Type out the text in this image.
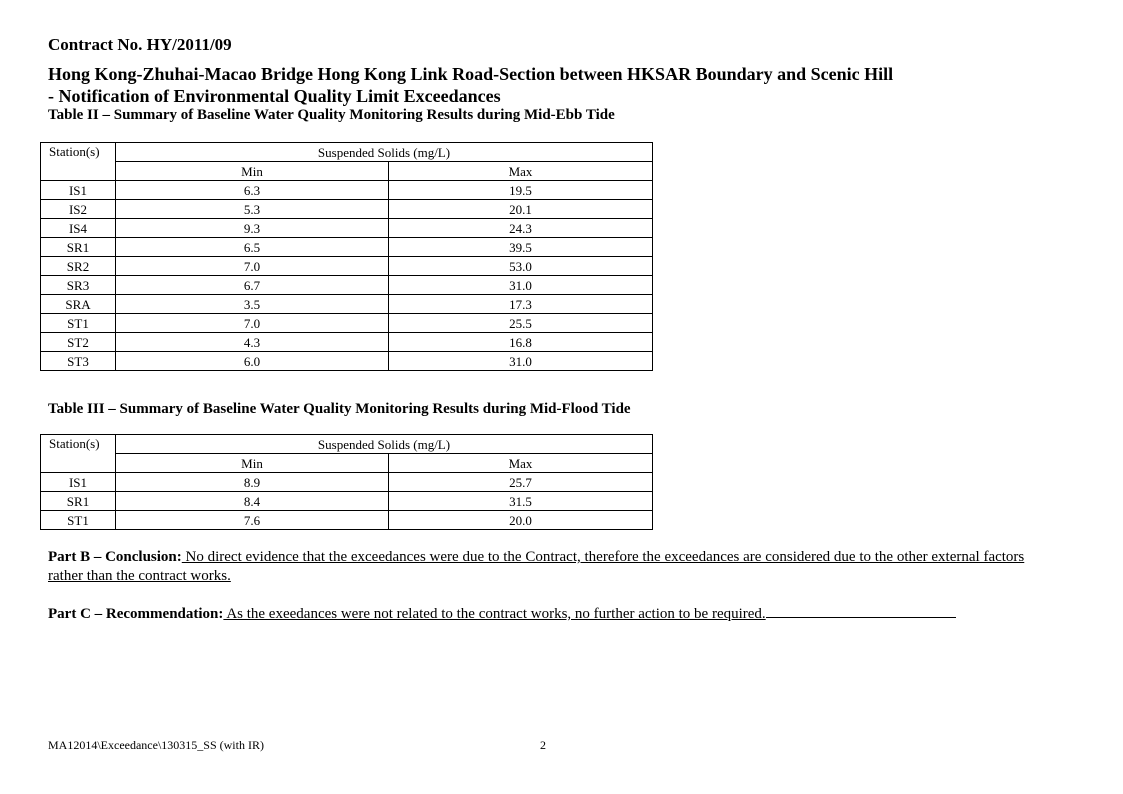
Contract No. HY/2011/09
Hong Kong-Zhuhai-Macao Bridge Hong Kong Link Road-Section between HKSAR Boundary and Scenic Hill
- Notification of Environmental Quality Limit Exceedances
Table II – Summary of Baseline Water Quality Monitoring Results during Mid-Ebb Tide
Station(s)	Suspended Solids (mg/L)	
	Min	Max
IS1	6.3	19.5
IS2	5.3	20.1
IS4	9.3	24.3
SR1	6.5	39.5
SR2	7.0	53.0
SR3	6.7	31.0
SRA	3.5	17.3
ST1	7.0	25.5
ST2	4.3	16.8
ST3	6.0	31.0
Table III – Summary of Baseline Water Quality Monitoring Results during Mid-Flood Tide
Station(s)	Suspended Solids (mg/L)	
	Min	Max
IS1	8.9	25.7
SR1	8.4	31.5
ST1	7.6	20.0
Part B – Conclusion: No direct evidence that the exceedances were due to the Contract, therefore the exceedances are considered due to the other external factors rather than the contract works.
Part C – Recommendation: As the exeedances were not related to the contract works, no further action to be required.
MA12014\Exceedance\130315_SS (with IR)	2
